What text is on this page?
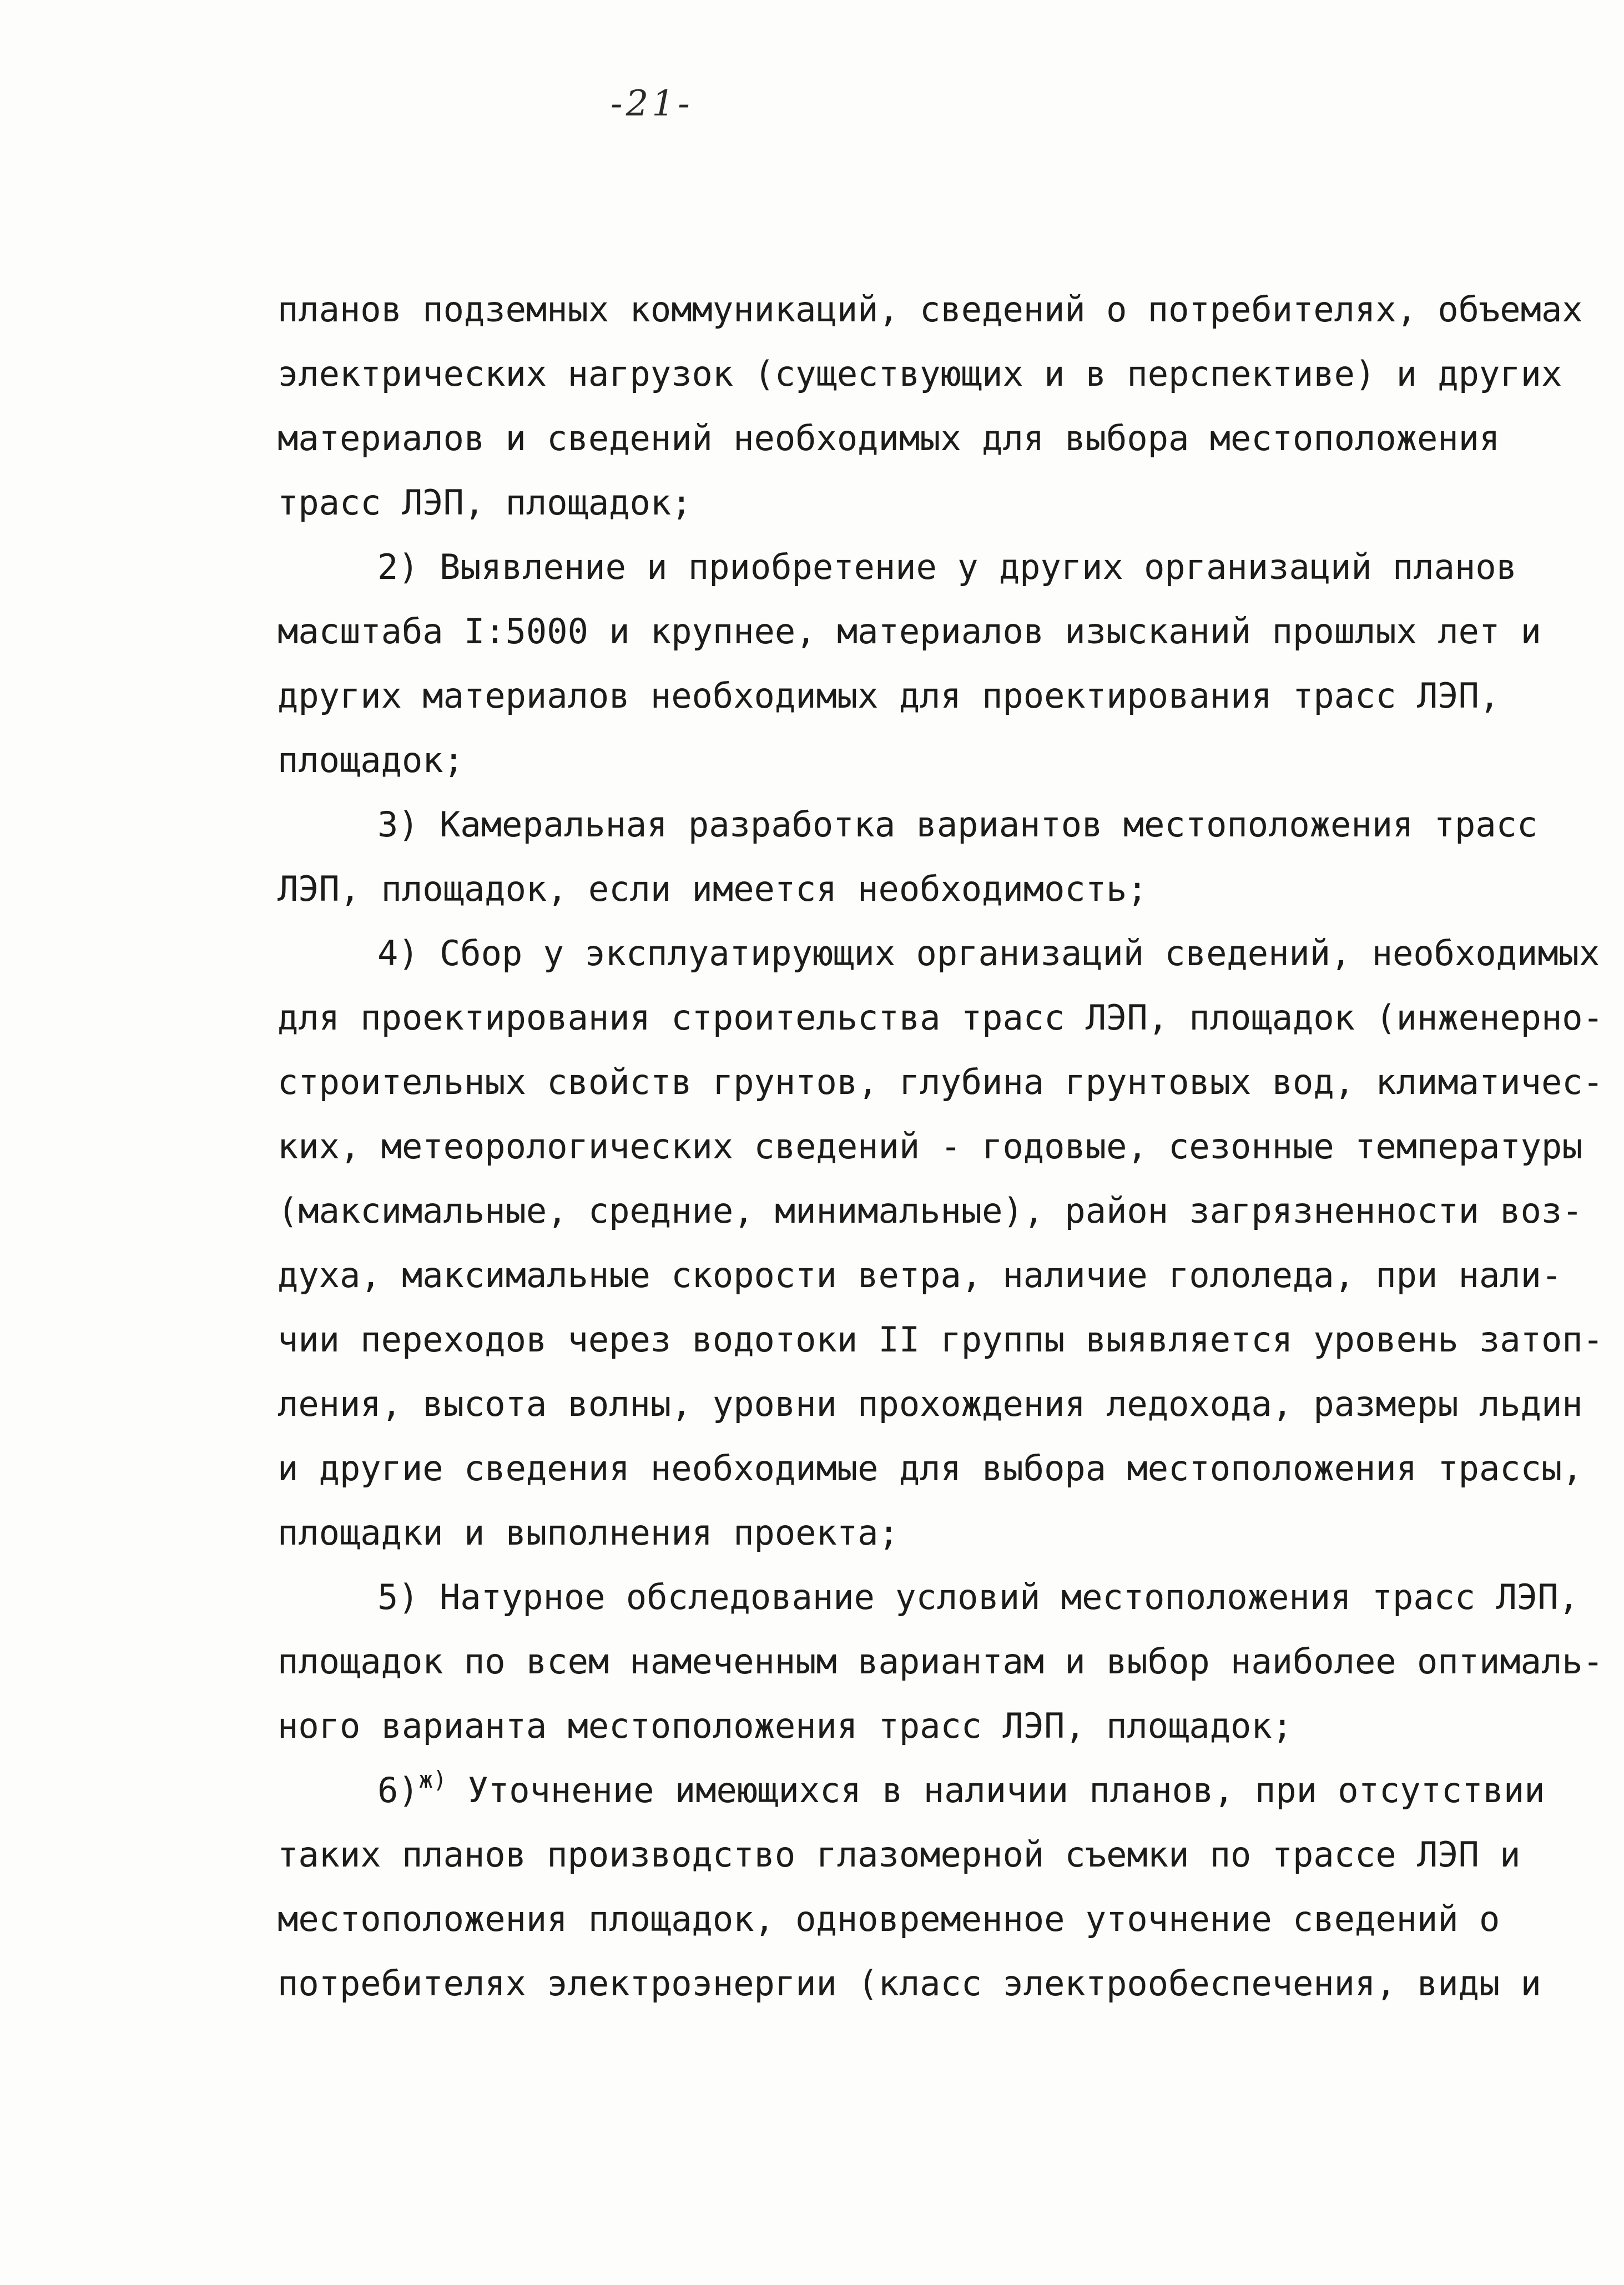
-21-
планов подземных коммуникаций, сведений о потребителях, объемах
электрических нагрузок (существующих и в перспективе) и других
материалов и сведений необходимых для выбора местоположения
трасс ЛЭП, площадок;
2) Выявление и приобретение у других организаций планов
масштаба I:5000 и крупнее, материалов изысканий прошлых лет и
других материалов необходимых для проектирования трасс ЛЭП,
площадок;
3) Камеральная разработка вариантов местоположения трасс
ЛЭП, площадок, если имеется необходимость;
4) Сбор у эксплуатирующих организаций сведений, необходимых
для проектирования строительства трасс ЛЭП, площадок (инженерно-
строительных свойств грунтов, глубина грунтовых вод, климатичес-
ких, метеорологических сведений - годовые, сезонные температуры
(максимальные, средние, минимальные), район загрязненности воз-
духа, максимальные скорости ветра, наличие гололеда, при нали-
чии переходов через водотоки II группы выявляется уровень затоп-
ления, высота волны, уровни прохождения ледохода, размеры льдин
и другие сведения необходимые для выбора местоположения трассы,
площадки и выполнения проекта;
5) Натурное обследование условий местоположения трасс ЛЭП,
площадок по всем намеченным вариантам и выбор наиболее оптималь-
ного варианта местоположения трасс ЛЭП, площадок;
6)$^{ж)}$ Уточнение имеющихся в наличии планов, при отсутствии
таких планов производство глазомерной съемки по трассе ЛЭП и
местоположения площадок, одновременное уточнение сведений о
потребителях электроэнергии (класс электрообеспечения, виды и
